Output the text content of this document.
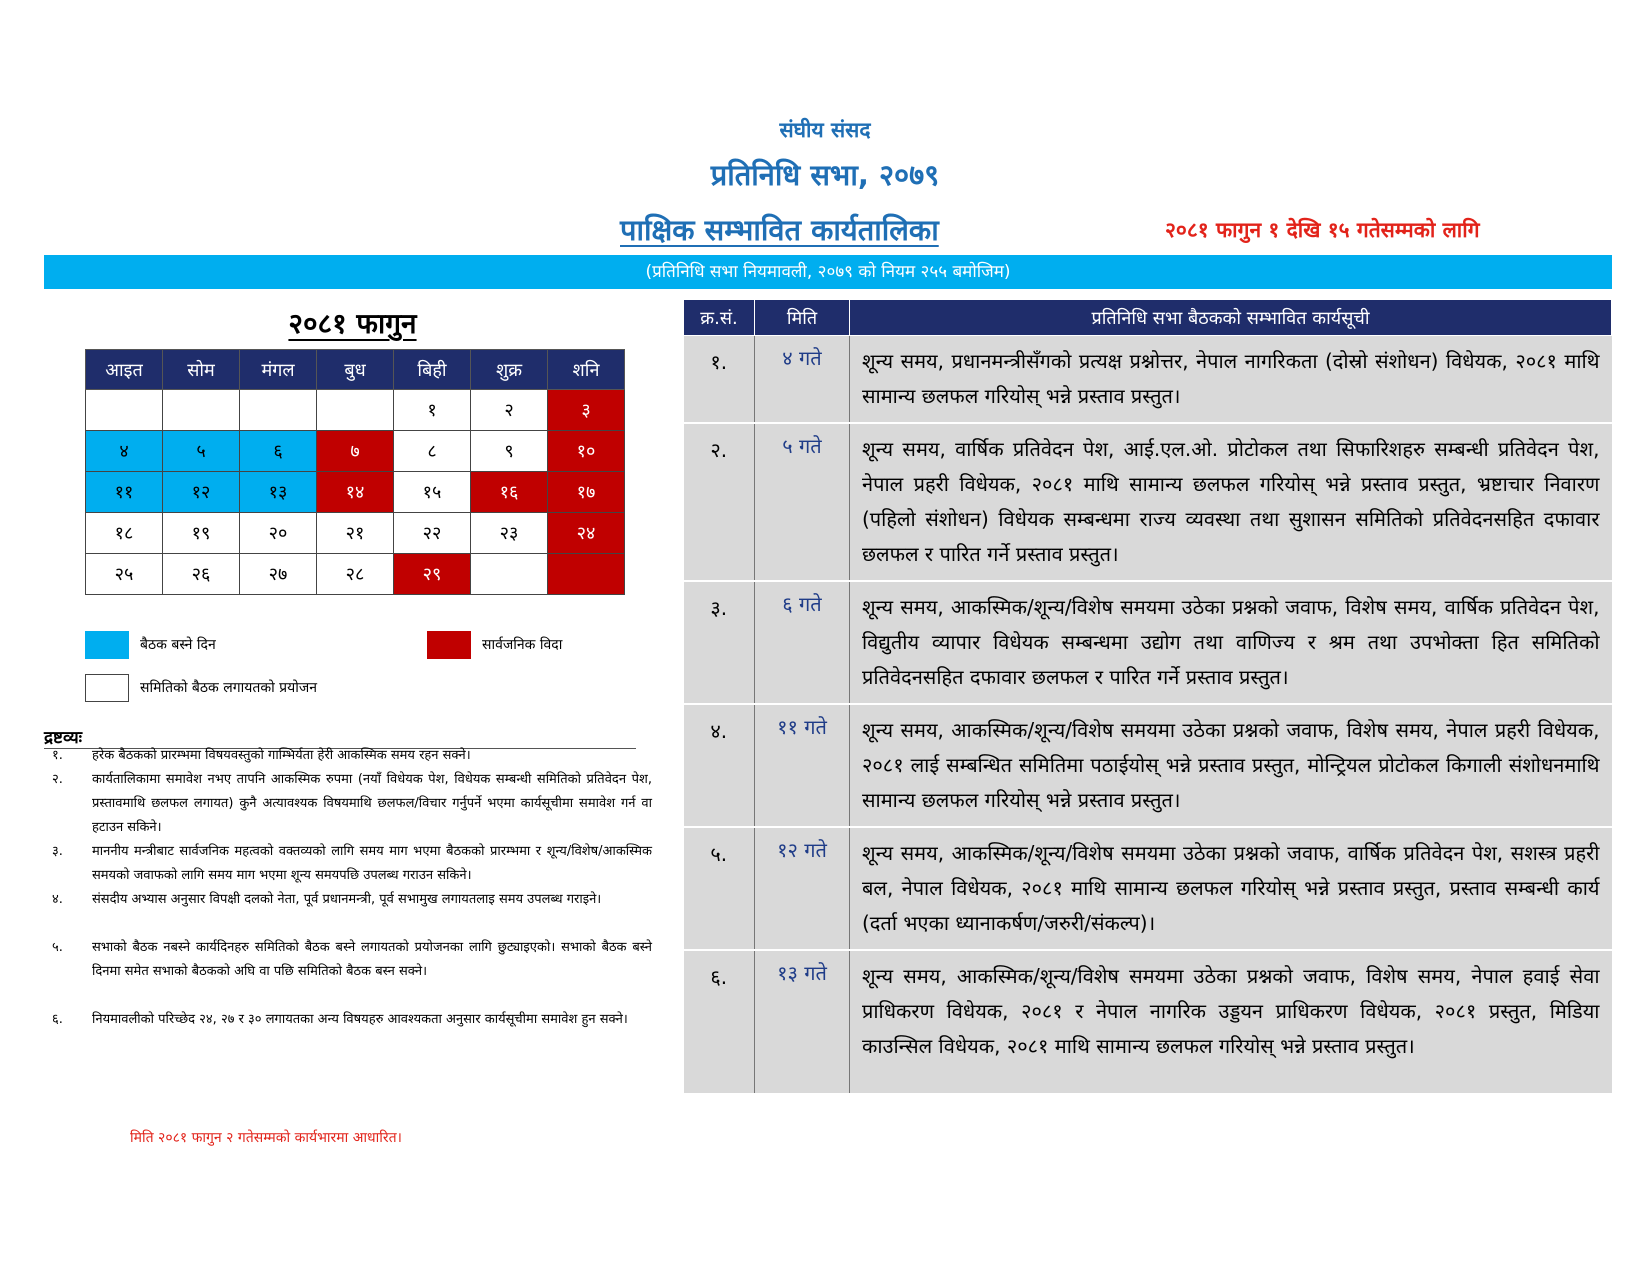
संघीय संसद
प्रतिनिधि सभा, २०७९
पाक्षिक सम्भावित कार्यतालिका	२०८१ फागुन १ देखि १५ गतेसम्मको लागि
(प्रतिनिधि सभा नियमावली, २०७९ को नियम २५५ बमोजिम)
२०८१ फागुन
आइत	सोम	मंगल	बुध	बिही	शुक्र	शनि
				१	२	३
४	५	६	७	८	९	१०
११	१२	१३	१४	१५	१६	१७
१८	१९	२०	२१	२२	२३	२४
२५	२६	२७	२८	२९		
बैठक बस्ने दिन	सार्वजनिक विदा
समितिको बैठक लगायतको प्रयोजन
द्रष्टव्यः
१. हरेक बैठकको प्रारम्भमा विषयवस्तुको गाम्भिर्यता हेरी आकस्मिक समय रहन सक्ने।
२. कार्यतालिकामा समावेश नभए तापनि आकस्मिक रुपमा (नयाँ विधेयक पेश, विधेयक सम्बन्धी समितिको प्रतिवेदन पेश, प्रस्तावमाथि छलफल लगायत) कुनै अत्यावश्यक विषयमाथि छलफल/विचार गर्नुपर्ने भएमा कार्यसूचीमा समावेश गर्न वा हटाउन सकिने।
३. माननीय मन्त्रीबाट सार्वजनिक महत्वको वक्तव्यको लागि समय माग भएमा बैठकको प्रारम्भमा र शून्य/विशेष/आकस्मिक समयको जवाफको लागि समय माग भएमा शून्य समयपछि उपलब्ध गराउन सकिने।
४. संसदीय अभ्यास अनुसार विपक्षी दलको नेता, पूर्व प्रधानमन्त्री, पूर्व सभामुख लगायतलाइ समय उपलब्ध गराइने।
५. सभाको बैठक नबस्ने कार्यदिनहरु समितिको बैठक बस्ने लगायतको प्रयोजनका लागि छुट्याइएको। सभाको बैठक बस्ने दिनमा समेत सभाको बैठकको अघि वा पछि समितिको बैठक बस्न सक्ने।
६. नियमावलीको परिच्छेद २४, २७ र ३० लगायतका अन्य विषयहरु आवश्यकता अनुसार कार्यसूचीमा समावेश हुन सक्ने।
मिति २०८१ फागुन २ गतेसम्मको कार्यभारमा आधारित।
क्र.सं.	मिति	प्रतिनिधि सभा बैठकको सम्भावित कार्यसूची
१.	४ गते	शून्य समय, प्रधानमन्त्रीसँगको प्रत्यक्ष प्रश्नोत्तर, नेपाल नागरिकता (दोस्रो संशोधन) विधेयक, २०८१ माथि सामान्य छलफल गरियोस् भन्ने प्रस्ताव प्रस्तुत।
२.	५ गते	शून्य समय, वार्षिक प्रतिवेदन पेश, आई.एल.ओ. प्रोटोकल तथा सिफारिशहरु सम्बन्धी प्रतिवेदन पेश, नेपाल प्रहरी विधेयक, २०८१ माथि सामान्य छलफल गरियोस् भन्ने प्रस्ताव प्रस्तुत, भ्रष्टाचार निवारण (पहिलो संशोधन) विधेयक सम्बन्धमा राज्य व्यवस्था तथा सुशासन समितिको प्रतिवेदनसहित दफावार छलफल र पारित गर्ने प्रस्ताव प्रस्तुत।
३.	६ गते	शून्य समय, आकस्मिक/शून्य/विशेष समयमा उठेका प्रश्नको जवाफ, विशेष समय, वार्षिक प्रतिवेदन पेश, विद्युतीय व्यापार विधेयक सम्बन्धमा उद्योग तथा वाणिज्य र श्रम तथा उपभोक्ता हित समितिको प्रतिवेदनसहित दफावार छलफल र पारित गर्ने प्रस्ताव प्रस्तुत।
४.	११ गते	शून्य समय, आकस्मिक/शून्य/विशेष समयमा उठेका प्रश्नको जवाफ, विशेष समय, नेपाल प्रहरी विधेयक, २०८१ लाई सम्बन्धित समितिमा पठाईयोस् भन्ने प्रस्ताव प्रस्तुत, मोन्ट्रियल प्रोटोकल किगाली संशोधनमाथि सामान्य छलफल गरियोस् भन्ने प्रस्ताव प्रस्तुत।
५.	१२ गते	शून्य समय, आकस्मिक/शून्य/विशेष समयमा उठेका प्रश्नको जवाफ, वार्षिक प्रतिवेदन पेश, सशस्त्र प्रहरी बल, नेपाल विधेयक, २०८१ माथि सामान्य छलफल गरियोस् भन्ने प्रस्ताव प्रस्तुत, प्रस्ताव सम्बन्धी कार्य (दर्ता भएका ध्यानाकर्षण/जरुरी/संकल्प)।
६.	१३ गते	शून्य समय, आकस्मिक/शून्य/विशेष समयमा उठेका प्रश्नको जवाफ, विशेष समय, नेपाल हवाई सेवा प्राधिकरण विधेयक, २०८१ र नेपाल नागरिक उड्डयन प्राधिकरण विधेयक, २०८१ प्रस्तुत, मिडिया काउन्सिल विधेयक, २०८१ माथि सामान्य छलफल गरियोस् भन्ने प्रस्ताव प्रस्तुत।
